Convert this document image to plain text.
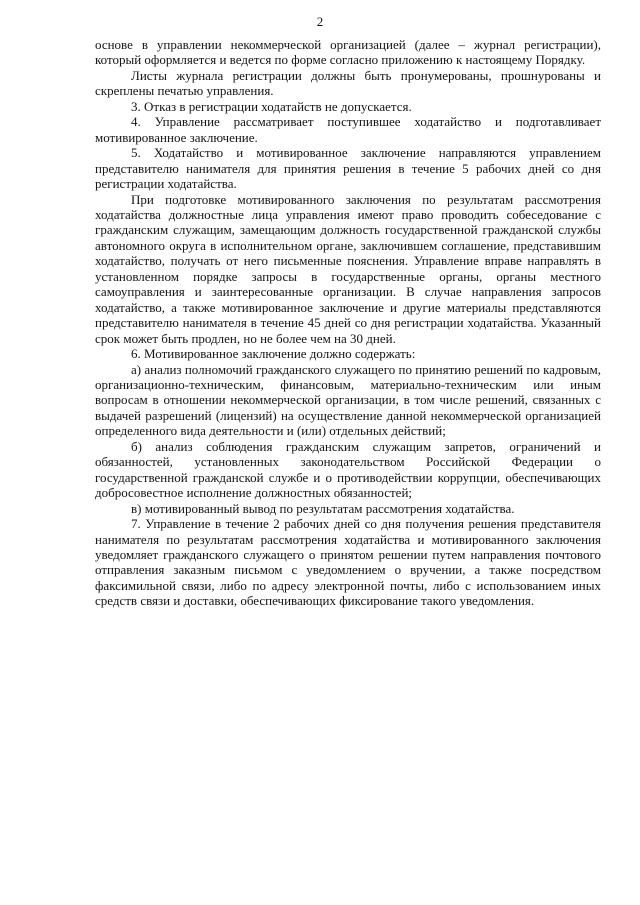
2

основе в управлении некоммерческой организацией (далее – журнал регистрации), который оформляется и ведется по форме согласно приложению к настоящему Порядку.

Листы журнала регистрации должны быть пронумерованы, прошнурованы и скреплены печатью управления.

3. Отказ в регистрации ходатайств не допускается.

4. Управление рассматривает поступившее ходатайство и подготавливает мотивированное заключение.

5. Ходатайство и мотивированное заключение направляются управлением представителю нанимателя для принятия решения в течение 5 рабочих дней со дня регистрации ходатайства.

При подготовке мотивированного заключения по результатам рассмотрения ходатайства должностные лица управления имеют право проводить собеседование с гражданским служащим, замещающим должность государственной гражданской службы автономного округа в исполнительном органе, заключившем соглашение, представившим ходатайство, получать от него письменные пояснения. Управление вправе направлять в установленном порядке запросы в государственные органы, органы местного самоуправления и заинтересованные организации. В случае направления запросов ходатайство, а также мотивированное заключение и другие материалы представляются представителю нанимателя в течение 45 дней со дня регистрации ходатайства. Указанный срок может быть продлен, но не более чем на 30 дней.

6. Мотивированное заключение должно содержать:

а) анализ полномочий гражданского служащего по принятию решений по кадровым, организационно-техническим, финансовым, материально-техническим или иным вопросам в отношении некоммерческой организации, в том числе решений, связанных с выдачей разрешений (лицензий) на осуществление данной некоммерческой организацией определенного вида деятельности и (или) отдельных действий;

б) анализ соблюдения гражданским служащим запретов, ограничений и обязанностей, установленных законодательством Российской Федерации о государственной гражданской службе и о противодействии коррупции, обеспечивающих добросовестное исполнение должностных обязанностей;

в) мотивированный вывод по результатам рассмотрения ходатайства.

7. Управление в течение 2 рабочих дней со дня получения решения представителя нанимателя по результатам рассмотрения ходатайства и мотивированного заключения уведомляет гражданского служащего о принятом решении путем направления почтового отправления заказным письмом с уведомлением о вручении, а также посредством факсимильной связи, либо по адресу электронной почты, либо с использованием иных средств связи и доставки, обеспечивающих фиксирование такого уведомления.
